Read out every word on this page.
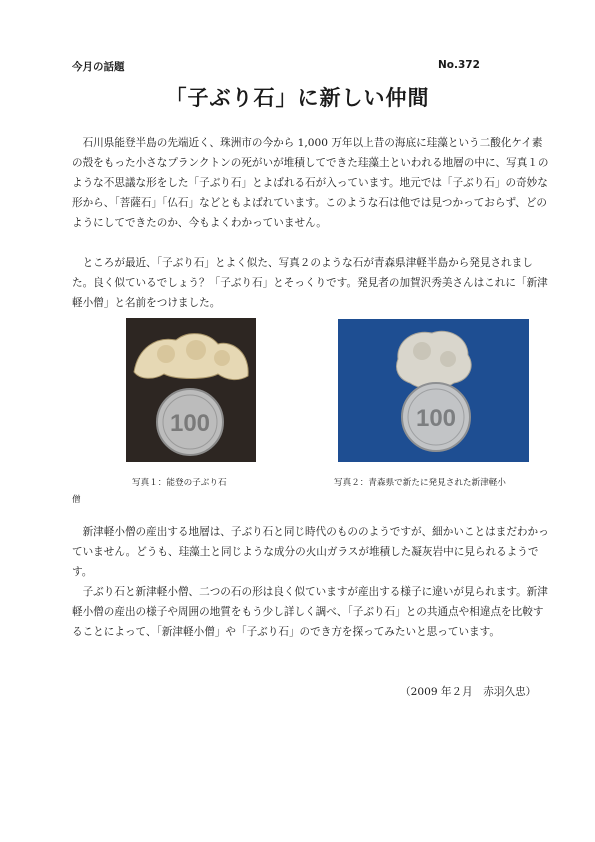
今月の話題	No.372
「子ぶり石」に新しい仲間

石川県能登半島の先端近く、珠洲市の今から 1,000 万年以上昔の海底に珪藻という二酸化ケイ素の殻をもった小さなプランクトンの死がいが堆積してできた珪藻土といわれる地層の中に、写真１のような不思議な形をした「子ぶり石」とよばれる石が入っています。地元では「子ぶり石」の奇妙な形から、「菩薩石」「仏石」などともよばれています。このような石は他では見つかっておらず、どのようにしてできたのか、今もよくわかっていません。

ところが最近、「子ぶり石」とよく似た、写真２のような石が青森県津軽半島から発見されました。良く似ているでしょう？「子ぶり石」とそっくりです。発見者の加賀沢秀美さんはこれに「新津軽小僧」と名前をつけました。

100	100
写真１：能登の子ぶり石	写真２：青森県で新たに発見された新津軽小
僧

新津軽小僧の産出する地層は、子ぶり石と同じ時代のもののようですが、細かいことはまだわかっていません。どうも、珪藻土と同じような成分の火山ガラスが堆積した凝灰岩中に見られるようです。

子ぶり石と新津軽小僧、二つの石の形は良く似ていますが産出する様子に違いが見られます。新津軽小僧の産出の様子や周囲の地質をもう少し詳しく調べ、「子ぶり石」との共通点や相違点を比較することによって、「新津軽小僧」や「子ぶり石」のでき方を探ってみたいと思っています。

（2009 年２月　赤羽久忠）
